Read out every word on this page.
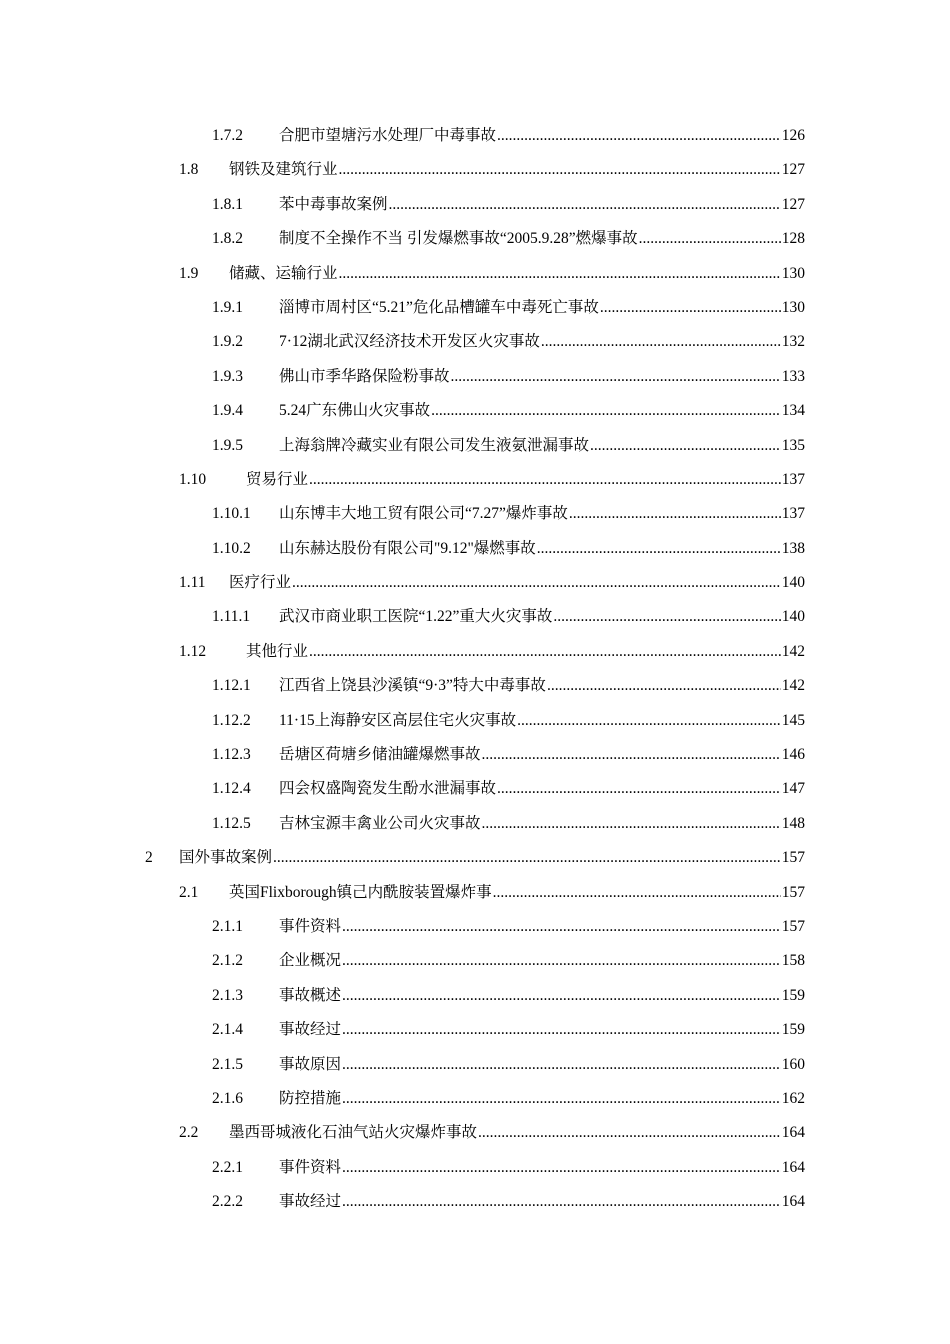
1.7.2 合肥市望塘污水处理厂中毒事故 .....	126
1.8 钢铁及建筑行业 .....	127
1.8.1 苯中毒事故案例 .....	127
1.8.2 制度不全操作不当 引发爆燃事故“2005.9.28”燃爆事故 .....	128
1.9 储藏、运输行业 .....	130
1.9.1 淄博市周村区“5.21”危化品槽罐车中毒死亡事故 .....	130
1.9.2 7·12湖北武汉经济技术开发区火灾事故 .....	132
1.9.3 佛山市季华路保险粉事故 .....	133
1.9.4 5.24广东佛山火灾事故 .....	134
1.9.5 上海翁牌冷藏实业有限公司发生液氨泄漏事故 .....	135
1.10	贸易行业 .....	137
1.10.1 山东博丰大地工贸有限公司“7.27”爆炸事故 .....	137
1.10.2 山东赫达股份有限公司"9.12"爆燃事故 .....	138
1.11 医疗行业 .....	140
1.11.1 武汉市商业职工医院“1.22”重大火灾事故 .....	140
1.12	其他行业 .....	142
1.12.1 江西省上饶县沙溪镇“9·3”特大中毒事故 .....	142
1.12.2 11·15上海静安区高层住宅火灾事故 .....	145
1.12.3 岳塘区荷塘乡储油罐爆燃事故 .....	146
1.12.4 四会权盛陶瓷发生酚水泄漏事故 .....	147
1.12.5 吉林宝源丰禽业公司火灾事故 .....	148
2 国外事故案例 .....	157
2.1 英国Flixborough镇己内酰胺装置爆炸事 .....	157
2.1.1 事件资料 .....	157
2.1.2 企业概况 .....	158
2.1.3 事故概述 .....	159
2.1.4 事故经过 .....	159
2.1.5 事故原因 .....	160
2.1.6 防控措施 .....	162
2.2 墨西哥城液化石油气站火灾爆炸事故 .....	164
2.2.1 事件资料 .....	164
2.2.2 事故经过 .....	164
